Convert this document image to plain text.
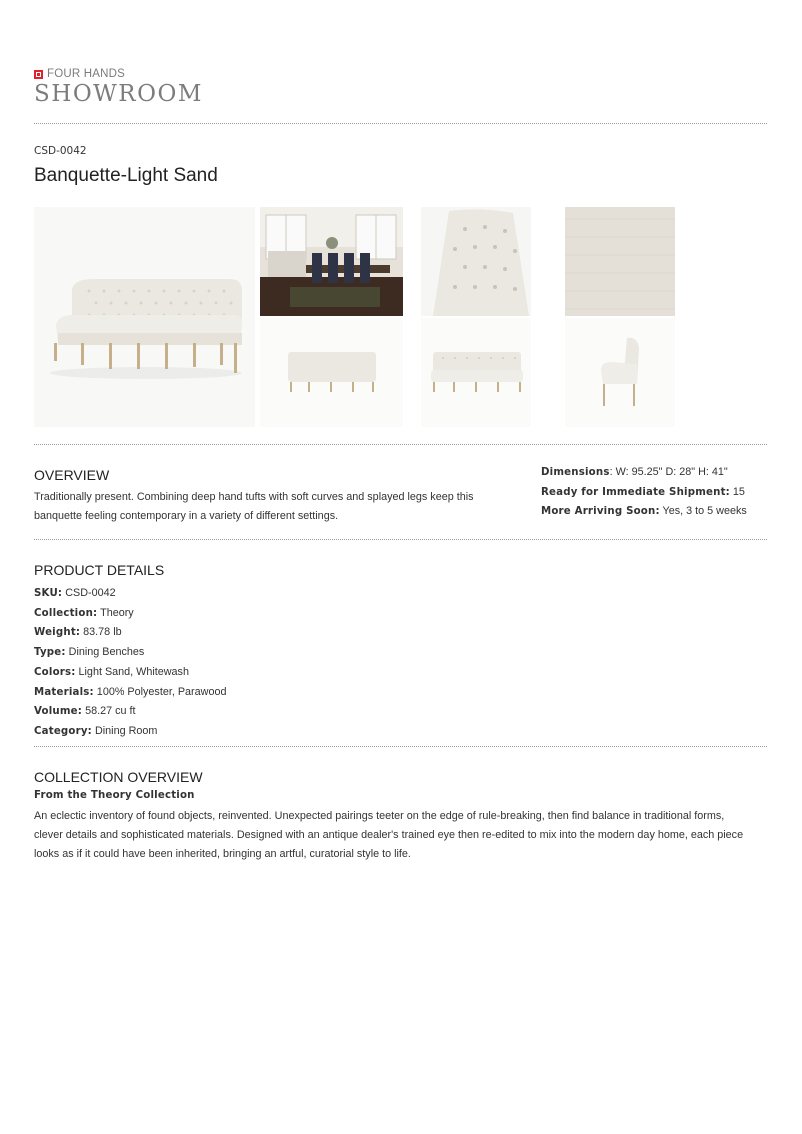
FOUR HANDS
SHOWROOM
CSD-0042
Banquette-Light Sand
OVERVIEW
Traditionally present. Combining deep hand tufts with soft curves and splayed legs keep this
banquette feeling contemporary in a variety of different settings.
Dimensions: W: 95.25" D: 28" H: 41"
Ready for Immediate Shipment: 15
More Arriving Soon: Yes, 3 to 5 weeks
PRODUCT DETAILS
SKU: CSD-0042
Collection: Theory
Weight: 83.78 lb
Type: Dining Benches
Colors: Light Sand, Whitewash
Materials: 100% Polyester, Parawood
Volume: 58.27 cu ft
Category: Dining Room
COLLECTION OVERVIEW
From the Theory Collection
An eclectic inventory of found objects, reinvented. Unexpected pairings teeter on the edge of rule-breaking, then find balance in traditional forms,
clever details and sophisticated materials. Designed with an antique dealer's trained eye then re-edited to mix into the modern day home, each piece
looks as if it could have been inherited, bringing an artful, curatorial style to life.
